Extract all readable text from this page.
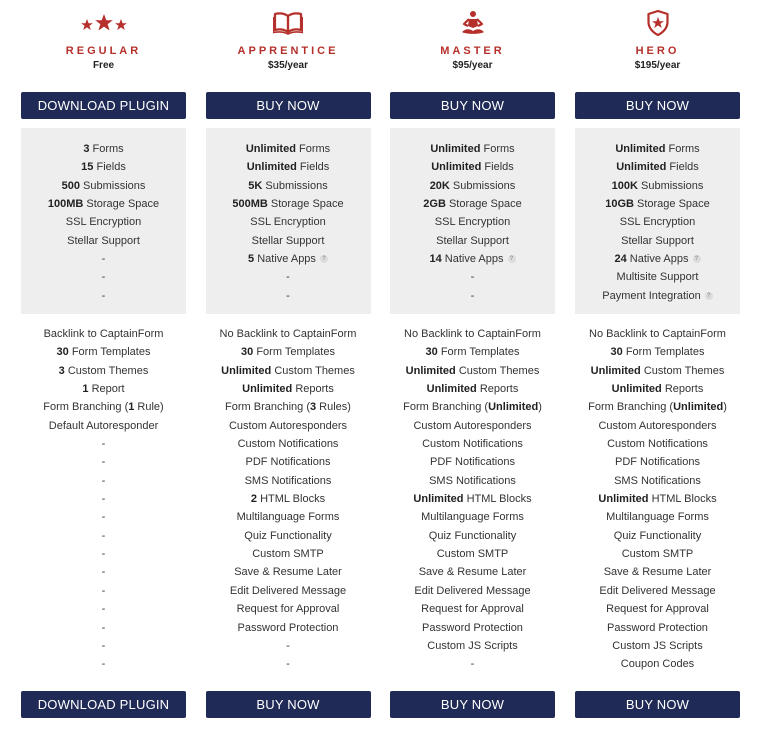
REGULAR
Free
DOWNLOAD PLUGIN
3 Forms
15 Fields
500 Submissions
100MB Storage Space
SSL Encryption
Stellar Support
-
-
-
Backlink to CaptainForm
30 Form Templates
3 Custom Themes
1 Report
Form Branching (1 Rule)
Default Autoresponder
-
-
-
-
-
-
-
-
-
-
-
-
-
DOWNLOAD PLUGIN
APPRENTICE
$35/year
BUY NOW
Unlimited Forms
Unlimited Fields
5K Submissions
500MB Storage Space
SSL Encryption
Stellar Support
5 Native Apps ?
-
-
No Backlink to CaptainForm
30 Form Templates
Unlimited Custom Themes
Unlimited Reports
Form Branching (3 Rules)
Custom Autoresponders
Custom Notifications
PDF Notifications
SMS Notifications
2 HTML Blocks
Multilanguage Forms
Quiz Functionality
Custom SMTP
Save & Resume Later
Edit Delivered Message
Request for Approval
Password Protection
-
-
BUY NOW
MASTER
$95/year
BUY NOW
Unlimited Forms
Unlimited Fields
20K Submissions
2GB Storage Space
SSL Encryption
Stellar Support
14 Native Apps ?
-
-
No Backlink to CaptainForm
30 Form Templates
Unlimited Custom Themes
Unlimited Reports
Form Branching (Unlimited)
Custom Autoresponders
Custom Notifications
PDF Notifications
SMS Notifications
Unlimited HTML Blocks
Multilanguage Forms
Quiz Functionality
Custom SMTP
Save & Resume Later
Edit Delivered Message
Request for Approval
Password Protection
Custom JS Scripts
-
BUY NOW
HERO
$195/year
BUY NOW
Unlimited Forms
Unlimited Fields
100K Submissions
10GB Storage Space
SSL Encryption
Stellar Support
24 Native Apps ?
Multisite Support
Payment Integration ?
No Backlink to CaptainForm
30 Form Templates
Unlimited Custom Themes
Unlimited Reports
Form Branching (Unlimited)
Custom Autoresponders
Custom Notifications
PDF Notifications
SMS Notifications
Unlimited HTML Blocks
Multilanguage Forms
Quiz Functionality
Custom SMTP
Save & Resume Later
Edit Delivered Message
Request for Approval
Password Protection
Custom JS Scripts
Coupon Codes
BUY NOW
